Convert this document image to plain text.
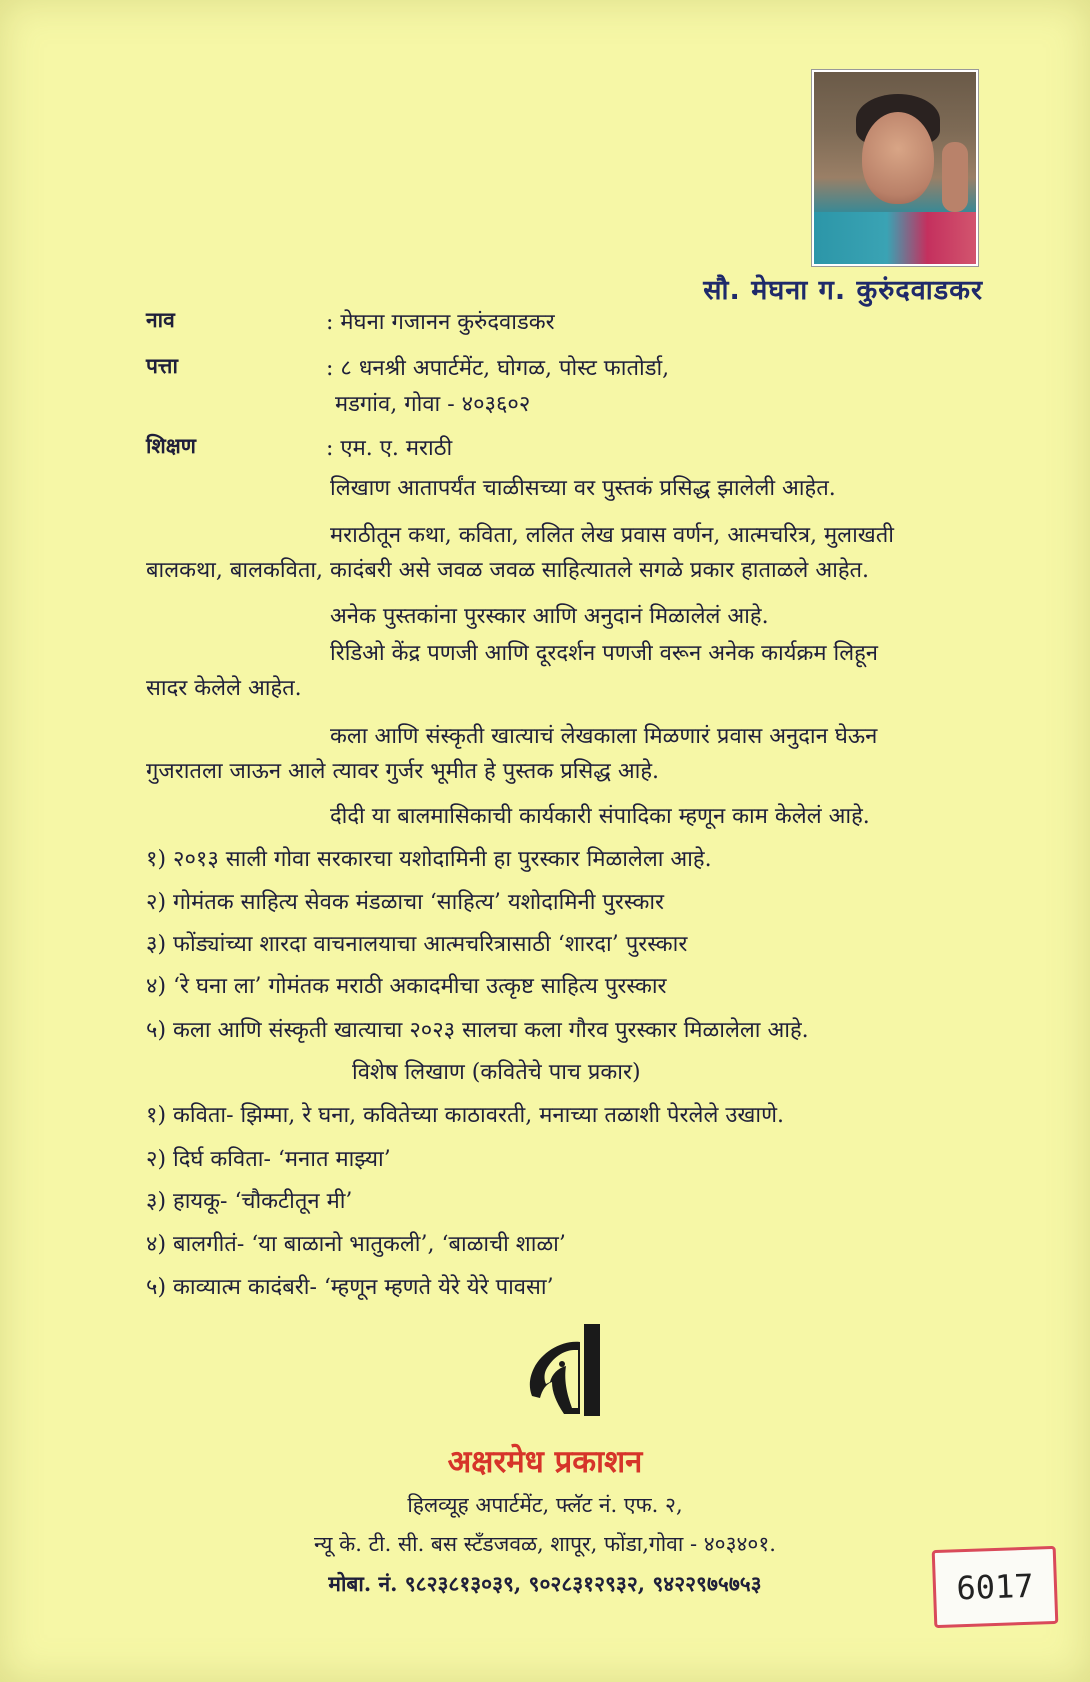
सौ. मेघना ग. कुरुंदवाडकर
नाव	: मेघना गजानन कुरुंदवाडकर
पत्ता	: ८ धनश्री अपार्टमेंट, घोगळ, पोस्ट फातोर्डा,
मडगांव, गोवा - ४०३६०२
शिक्षण	: एम. ए. मराठी
लिखाण आतापर्यंत चाळीसच्या वर पुस्तकं प्रसिद्ध झालेली आहेत.
मराठीतून कथा, कविता, ललित लेख प्रवास वर्णन, आत्मचरित्र, मुलाखती
बालकथा, बालकविता, कादंबरी असे जवळ जवळ साहित्यातले सगळे प्रकार हाताळले आहेत.
अनेक पुस्तकांना पुरस्कार आणि अनुदानं मिळालेलं आहे.
रिडिओ केंद्र पणजी आणि दूरदर्शन पणजी वरून अनेक कार्यक्रम लिहून
सादर केलेले आहेत.
कला आणि संस्कृती खात्याचं लेखकाला मिळणारं प्रवास अनुदान घेऊन
गुजरातला जाऊन आले त्यावर गुर्जर भूमीत हे पुस्तक प्रसिद्ध आहे.
दीदी या बालमासिकाची कार्यकारी संपादिका म्हणून काम केलेलं आहे.
१) २०१३ साली गोवा सरकारचा यशोदामिनी हा पुरस्कार मिळालेला आहे.
२) गोमंतक साहित्य सेवक मंडळाचा ‘साहित्य’ यशोदामिनी पुरस्कार
३) फोंड्यांच्या शारदा वाचनालयाचा आत्मचरित्रासाठी ‘शारदा’ पुरस्कार
४) ‘रे घना ला’ गोमंतक मराठी अकादमीचा उत्कृष्ट साहित्य पुरस्कार
५) कला आणि संस्कृती खात्याचा २०२३ सालचा कला गौरव पुरस्कार मिळालेला आहे.
विशेष लिखाण (कवितेचे पाच प्रकार)
१) कविता- झिम्मा, रे घना, कवितेच्या काठावरती, मनाच्या तळाशी पेरलेले उखाणे.
२) दिर्घ कविता- ‘मनात माझ्या’
३) हायकू- ‘चौकटीतून मी’
४) बालगीतं- ‘या बाळानो भातुकली’, ‘बाळाची शाळा’
५) काव्यात्म कादंबरी- ‘म्हणून म्हणते येरे येरे पावसा’
अक्षरमेध प्रकाशन
हिलव्यूह अपार्टमेंट, फ्लॅट नं. एफ. २,
न्यू के. टी. सी. बस स्टँडजवळ, शापूर, फोंडा,गोवा - ४०३४०१.
मोबा. नं. ९८२३८१३०३९, ९०२८३१२९३२, ९४२२९७५७५३	6017
